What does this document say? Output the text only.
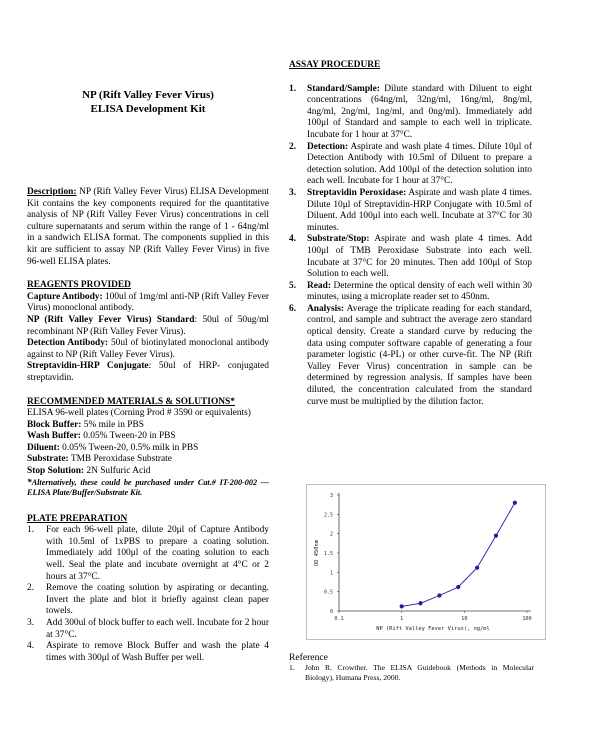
NP (Rift Valley Fever Virus)
ELISA Development Kit

Description: NP (Rift Valley Fever Virus) ELISA Development Kit contains the key components required for the quantitative analysis of NP (Rift Valley Fever Virus) concentrations in cell culture supernatants and serum within the range of 1 - 64ng/ml in a sandwich ELISA format. The components supplied in this kit are sufficient to assay NP (Rift Valley Fever Virus) in five 96-well ELISA plates.

REAGENTS PROVIDED

Capture Antibody: 100ul of 1mg/ml anti-NP (Rift Valley Fever Virus) monoclonal antibody.

NP (Rift Valley Fever Virus) Standard: 50ul of 50ug/ml recombinant NP (Rift Valley Fever Virus).

Detection Antibody: 50ul of biotinylated monoclonal antibody against to NP (Rift Valley Fever Virus).

Streptavidin-HRP Conjugate: 50ul of HRP- conjugated streptavidin.

RECOMMENDED MATERIALS & SOLUTIONS*

ELISA 96-well plates (Corning Prod # 3590 or equivalents)

Block Buffer: 5% mile in PBS

Wash Buffer: 0.05% Tween-20 in PBS

Diluent: 0.05% Tween-20, 0.5% milk in PBS

Substrate: TMB Peroxidase Substrate

Stop Solution: 2N Sulfuric Acid

*Alternatively, these could be purchased under Cat.# IT-200-002 — ELISA Plate/Buffer/Substrate Kit.

PLATE PREPARATION

1. For each 96-well plate, dilute 20μl of Capture Antibody with 10.5ml of 1xPBS to prepare a coating solution. Immediately add 100μl of the coating solution to each well. Seal the plate and incubate overnight at 4°C or 2 hours at 37°C.
2. Remove the coating solution by aspirating or decanting. Invert the plate and blot it briefly against clean paper towels.
3. Add 300ul of block buffer to each well. Incubate for 2 hour at 37°C.
4. Aspirate to remove Block Buffer and wash the plate 4 times with 300μl of Wash Buffer per well.

ASSAY PROCEDURE

1. Standard/Sample: Dilute standard with Diluent to eight concentrations (64ng/ml, 32ng/ml, 16ng/ml, 8ng/ml, 4ng/ml, 2ng/ml, 1ng/ml, and 0ng/ml). Immediately add 100μl of Standard and sample to each well in triplicate. Incubate for 1 hour at 37°C.
2. Detection: Aspirate and wash plate 4 times. Dilute 10μl of Detection Antibody with 10.5ml of Diluent to prepare a detection solution. Add 100μl of the detection solution into each well. Incubate for 1 hour at 37°C.
3. Streptavidin Peroxidase: Aspirate and wash plate 4 times. Dilute 10μl of Streptavidin-HRP Conjugate with 10.5ml of Diluent. Add 100μl into each well. Incubate at 37°C for 30 minutes.
4. Substrate/Stop: Aspirate and wash plate 4 times. Add 100μl of TMB Peroxidase Substrate into each well. Incubate at 37°C for 20 minutes. Then add 100μl of Stop Solution to each well.
5. Read: Determine the optical density of each well within 30 minutes, using a microplate reader set to 450nm.
6. Analysis: Average the triplicate reading for each standard, control, and sample and subtract the average zero standard optical density. Create a standard curve by reducing the data using computer software capable of generating a four parameter logistic (4-PL) or other curve-fit. The NP (Rift Valley Fever Virus) concentration in sample can be determined by regression analysis. If samples have been diluted, the concentration calculated from the standard curve must be multiplied by the dilution factor.
0
0.5
1
1.5
2
2.5
3
0.1	1	10	100
NP (Rift Valley Fever Virus), ng/ml
OD 450nm
Reference
1. John R. Crowther. The ELISA Guidebook (Methods in Molecular Biology), Humana Press, 2000.
